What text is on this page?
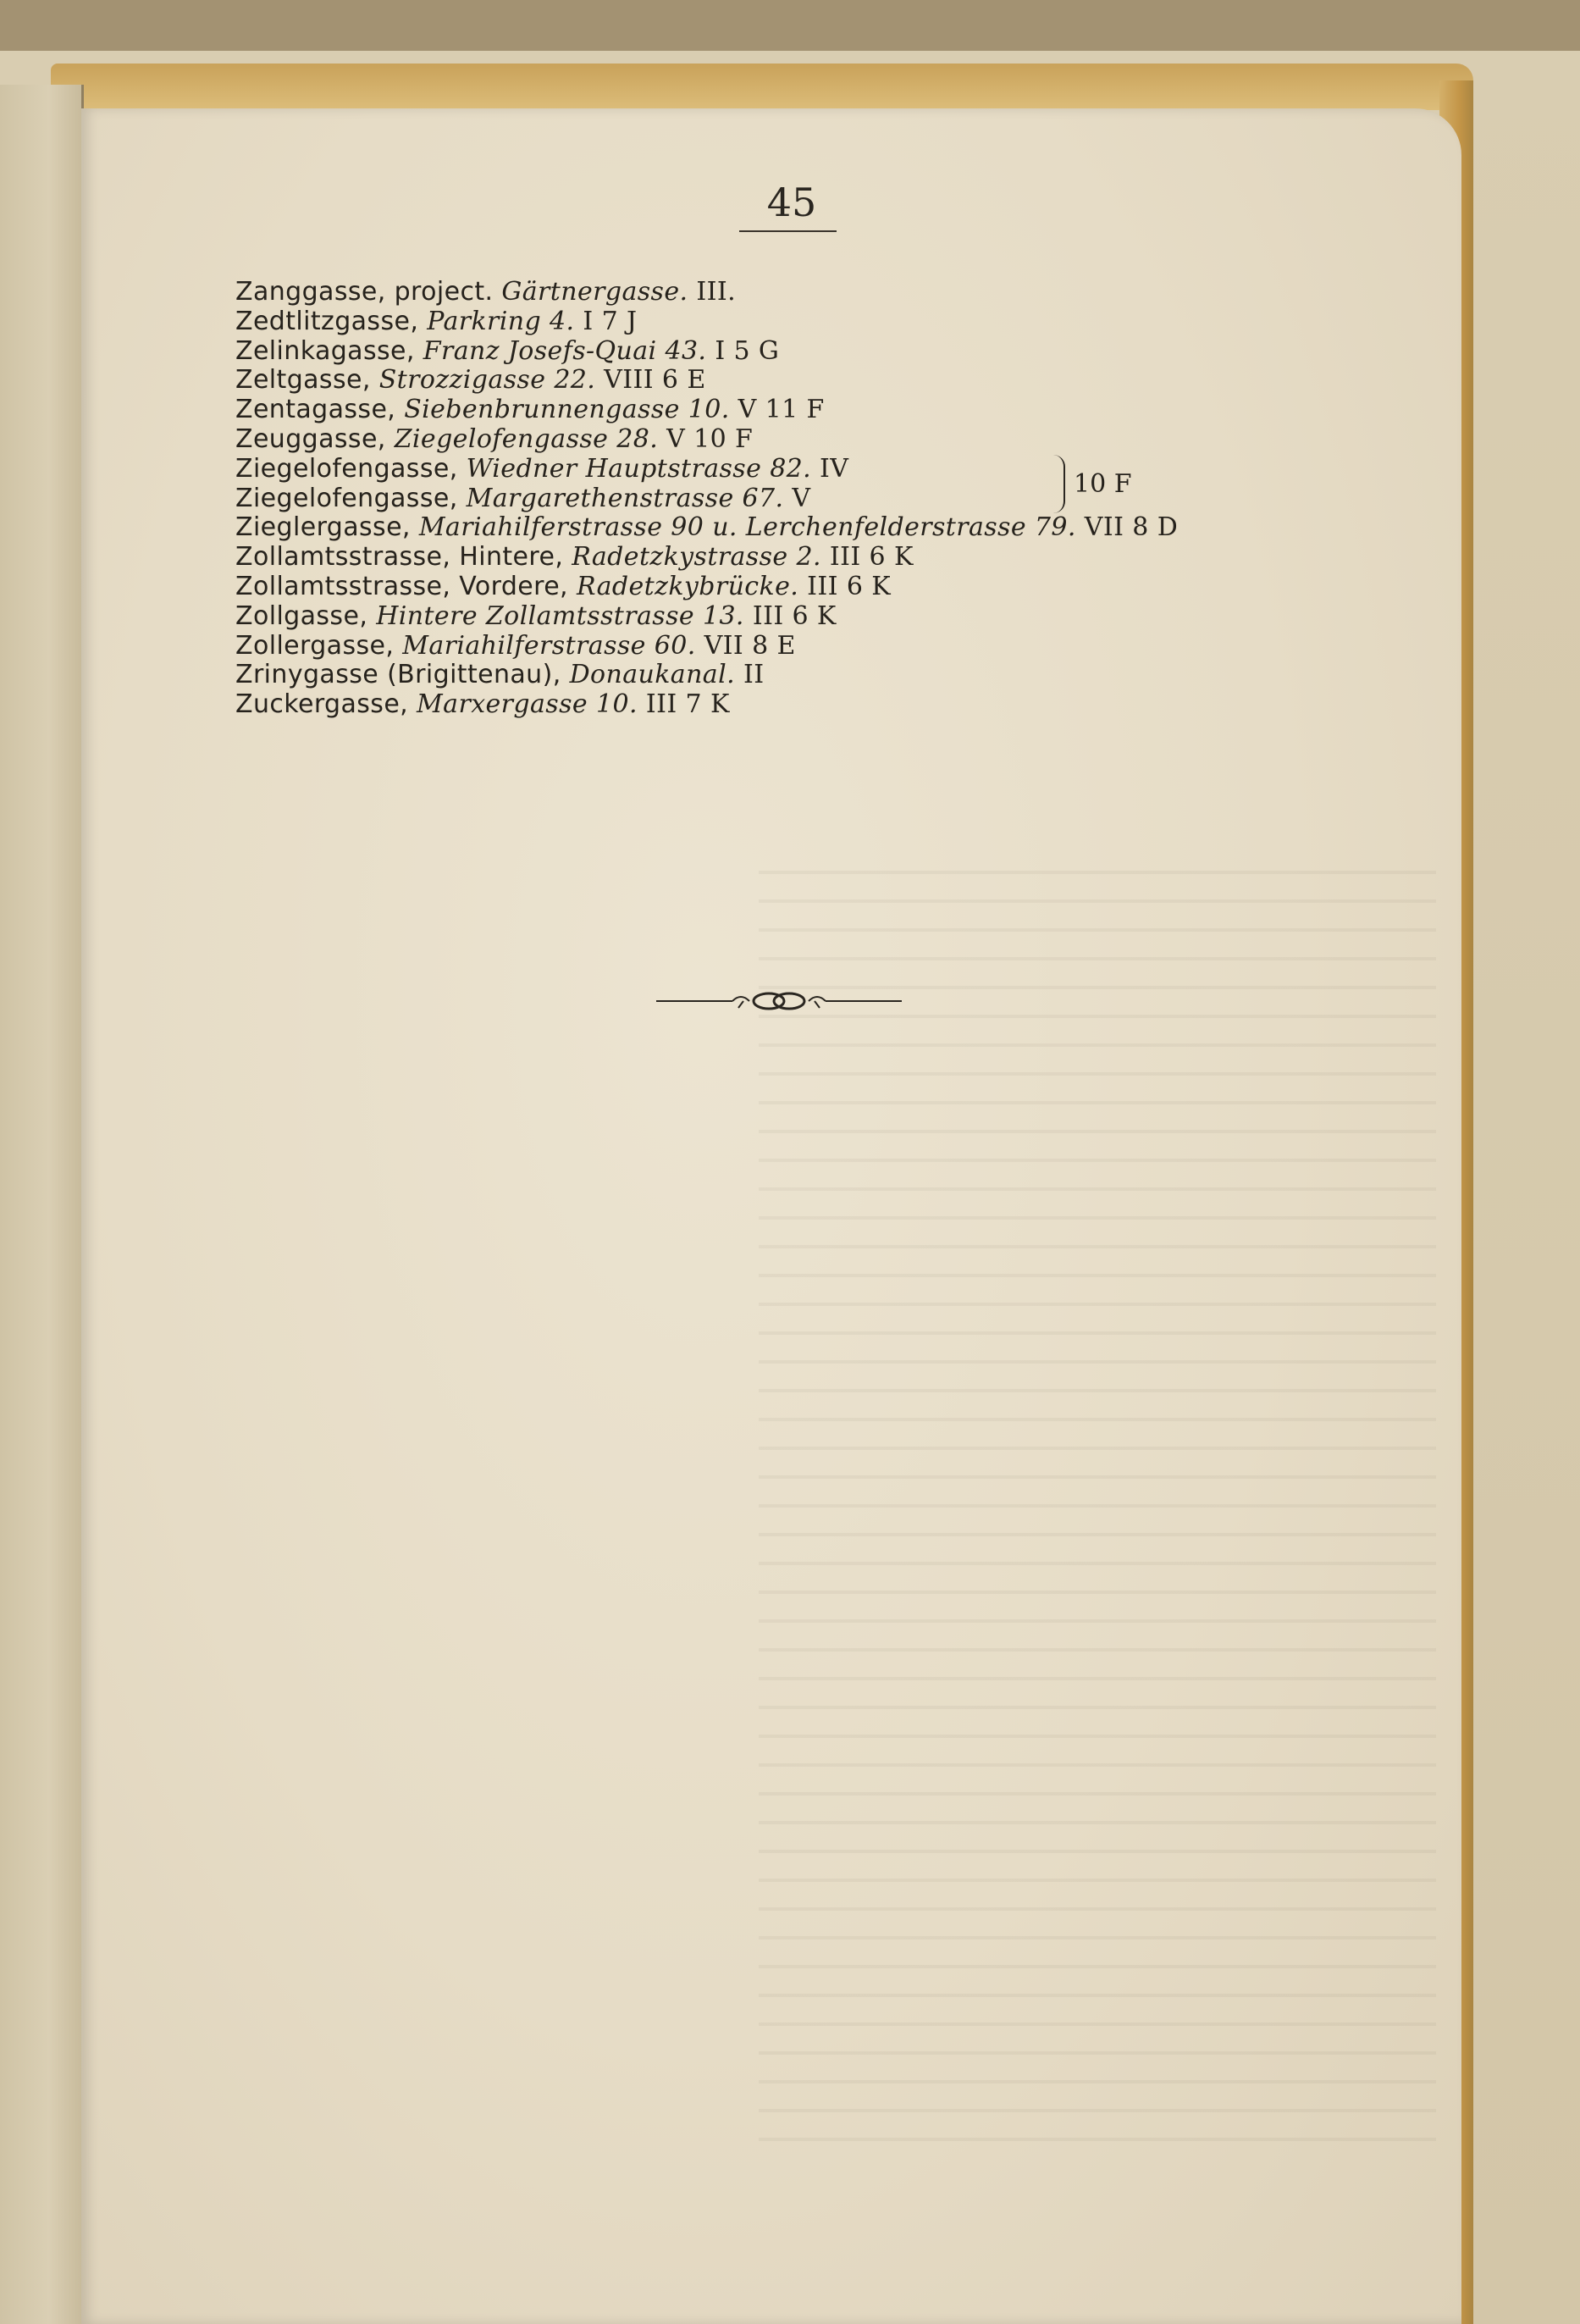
45
Zanggasse, project. Gärtnergasse. III.
Zedtlitzgasse, Parkring 4. I 7 J
Zelinkagasse, Franz Josefs-Quai 43. I 5 G
Zeltgasse, Strozzigasse 22. VIII 6 E
Zentagasse, Siebenbrunnengasse 10. V 11 F
Zeuggasse, Ziegelofengasse 28. V 10 F
Ziegelofengasse, Wiedner Hauptstrasse 82. IV
Ziegelofengasse, Margarethenstrasse 67. V	10 F
Zieglergasse, Mariahilferstrasse 90 u. Lerchenfelderstrasse 79. VII 8 D
Zollamtsstrasse, Hintere, Radetzkystrasse 2. III 6 K
Zollamtsstrasse, Vordere, Radetzkybrücke. III 6 K
Zollgasse, Hintere Zollamtsstrasse 13. III 6 K
Zollergasse, Mariahilferstrasse 60. VII 8 E
Zrinygasse (Brigittenau), Donaukanal. II
Zuckergasse, Marxergasse 10. III 7 K
